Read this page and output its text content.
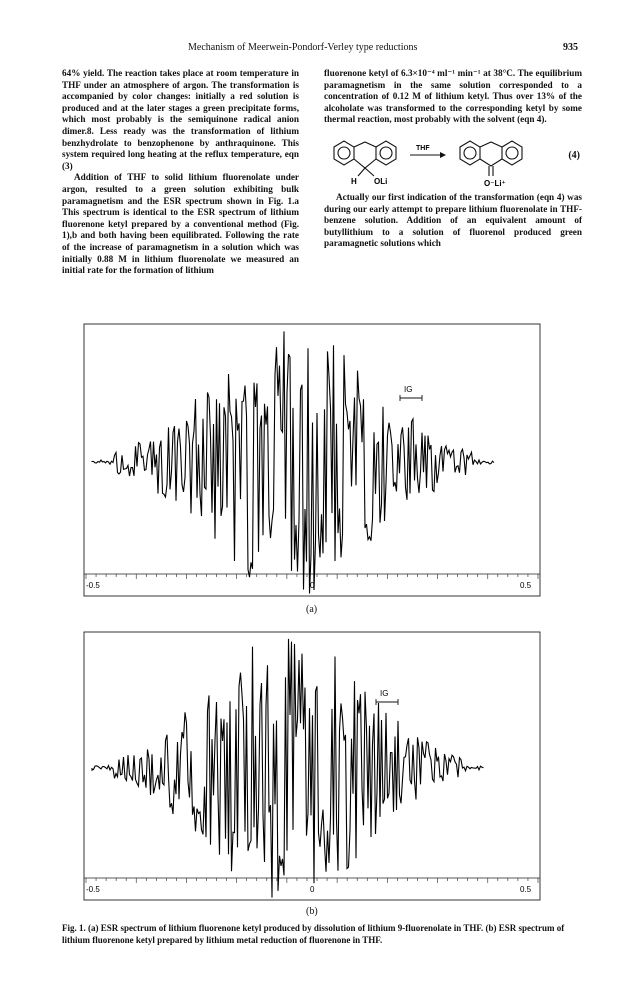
Mechanism of Meerwein-Pondorf-Verley type reductions	935

64% yield. The reaction takes place at room temperature in THF under an atmosphere of argon. The transformation is accompanied by color changes: initially a red solution is produced and at the later stages a green precipitate forms, which most probably is the semiquinone radical anion dimer.8. Less ready was the transformation of lithium benzhydrolate to benzophenone by anthraquinone. This system required long heating at the reflux temperature, eqn (3)

Addition of THF to solid lithium fluorenolate under argon, resulted to a green solution exhibiting bulk paramagnetism and the ESR spectrum shown in Fig. 1.a This spectrum is identical to the ESR spectrum of lithium fluorenone ketyl prepared by a conventional method (Fig. 1),b and both having been equilibrated. Following the rate of the increase of paramagnetism in a solution which was initially 0.88 M in lithium fluorenolate we measured an initial rate for the formation of lithium

fluorenone ketyl of 6.3×10⁻⁴ ml⁻¹ min⁻¹ at 38°C. The equilibrium paramagnetism in the same solution corresponded to a concentration of 0.12 M of lithium ketyl. Thus over 13% of the alcoholate was transformed to the corresponding ketyl by some thermal reaction, most probably with the solvent (eqn 4).

H OLi
THF
O⁻Li⁺
(4)

Actually our first indication of the transformation (eqn 4) was during our early attempt to prepare lithium fluorenolate in THF-benzene solution. Addition of an equivalent amount of butyllithium to a solution of fluorenol produced green paramagnetic solutions which

-0.5	0	0.5
IG
(a)
-0.5	0	0.5
IG
(b)
Fig. 1. (a) ESR spectrum of lithium fluorenone ketyl produced by dissolution of lithium 9-fluorenolate in THF. (b) ESR spectrum of lithium fluorenone ketyl prepared by lithium metal reduction of fluorenone in THF.
